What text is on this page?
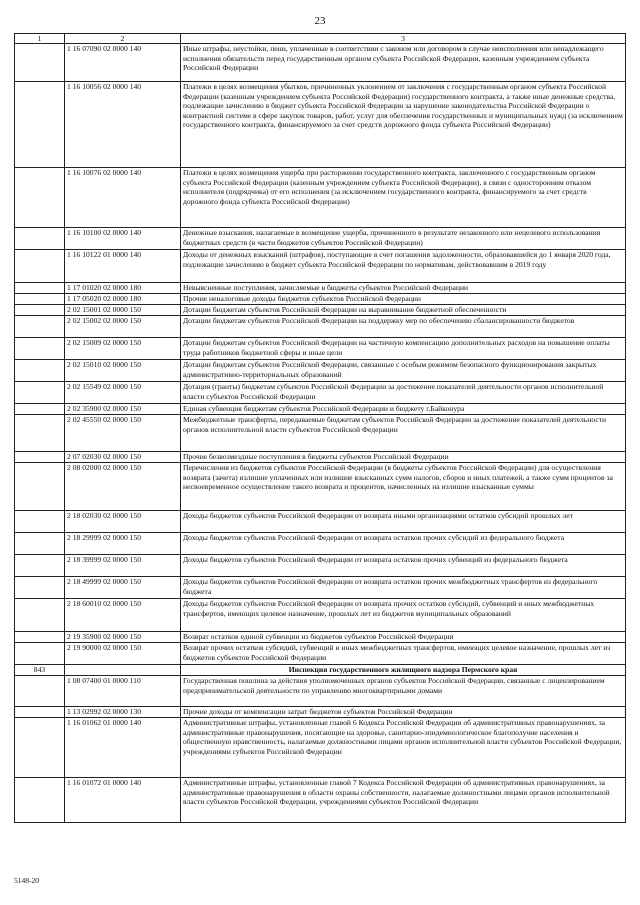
23
1	2	3
	1 16 07090 02 0000 140	Иные штрафы, неустойки, пени, уплаченные в соответствии с законом или договором в случае неисполнения или ненадлежащего исполнения обязательств перед государственным органом субъекта Российской Федерации, казенным учреждением субъекта Российской Федерации
	1 16 10056 02 0000 140	Платежи в целях возмещения убытков, причиненных уклонением от заключения с государственным органом субъекта Российской Федерации (казенным учреждением субъекта Российской Федерации) государственного контракта, а также иные денежные средства, подлежащие зачислению в бюджет субъекта Российской Федерации за нарушение законодательства Российской Федерации о контрактной системе в сфере закупок товаров, работ, услуг для обеспечения государственных и муниципальных нужд (за исключением государственного контракта, финансируемого за счет средств дорожного фонда субъекта Российской Федерации)
	1 16 10076 02 0000 140	Платежи в целях возмещения ущерба при расторжении государственного контракта, заключенного с государственным органом субъекта Российской Федерации (казенным учреждением субъекта Российской Федерации), в связи с односторонним отказом исполнителя (подрядчика) от его исполнения (за исключением государственного контракта, финансируемого за счет средств дорожного фонда субъекта Российской Федерации)
	1 16 10100 02 0000 140	Денежные взыскания, налагаемые в возмещение ущерба, причиненного в результате незаконного или нецелевого использования бюджетных средств (в части бюджетов субъектов Российской Федерации)
	1 16 10122 01 0000 140	Доходы от денежных взысканий (штрафов), поступающие в счет погашения задолженности, образовавшейся до 1 января 2020 года, подлежащие зачислению в бюджет субъекта Российской Федерации по нормативам, действовавшим в 2019 году
	1 17 01020 02 0000 180	Невыясненные поступления, зачисляемые в бюджеты субъектов Российской Федерации
	1 17 05020 02 0000 180	Прочие неналоговые доходы бюджетов субъектов Российской Федерации
	2 02 15001 02 0000 150	Дотации бюджетам субъектов Российской Федерации на выравнивание бюджетной обеспеченности
	2 02 15002 02 0000 150	Дотации бюджетам субъектов Российской Федерации на поддержку мер по обеспечению сбалансированности бюджетов
	2 02 15009 02 0000 150	Дотации бюджетам субъектов Российской Федерации на частичную компенсацию дополнительных расходов на повышение оплаты труда работников бюджетной сферы и иные цели
	2 02 15010 02 0000 150	Дотации бюджетам субъектов Российской Федерации, связанные с особым режимом безопасного функционирования закрытых административно-территориальных образований
	2 02 15549 02 0000 150	Дотация (гранты) бюджетам субъектов Российской Федерации за достижение показателей деятельности органов исполнительной власти субъектов Российской Федерации
	2 02 35900 02 0000 150	Единая субвенция бюджетам субъектов Российской Федерации и бюджету г.Байконура
	2 02 45550 02 0000 150	Межбюджетные трансферты, передаваемые бюджетам субъектов Российской Федерации за достижение показателей деятельности органов исполнительной власти субъектов Российской Федерации
	2 07 02030 02 0000 150	Прочие безвозмездные поступления в бюджеты субъектов Российской Федерации
	2 08 02000 02 0000 150	Перечисления из бюджетов субъектов Российской Федерации (в бюджеты субъектов Российской Федерации) для осуществления возврата (зачета) излишне уплаченных или излишне взысканных сумм налогов, сборов и иных платежей, а также сумм процентов за несвоевременное осуществление такого возврата и процентов, начисленных на излишне взысканные суммы
	2 18 02030 02 0000 150	Доходы бюджетов субъектов Российской Федерации от возврата иными организациями остатков субсидий прошлых лет
	2 18 29999 02 0000 150	Доходы бюджетов субъектов Российской Федерации от возврата остатков прочих субсидий из федерального бюджета
	2 18 39999 02 0000 150	Доходы бюджетов субъектов Российской Федерации от возврата остатков прочих субвенций из федерального бюджета
	2 18 49999 02 0000 150	Доходы бюджетов субъектов Российской Федерации от возврата остатков прочих межбюджетных трансфертов из федерального бюджета
	2 18 60010 02 0000 150	Доходы бюджетов субъектов Российской Федерации от возврата прочих остатков субсидий, субвенций и иных межбюджетных трансфертов, имеющих целевое назначение, прошлых лет из бюджетов муниципальных образований
	2 19 35900 02 0000 150	Возврат остатков единой субвенции из бюджетов субъектов Российской Федерации
	2 19 90000 02 0000 150	Возврат прочих остатков субсидий, субвенций и иных межбюджетных трансфертов, имеющих целевое назначение, прошлых лет из бюджетов субъектов Российской Федерации
843		Инспекция государственного жилищного надзора Пермского края
	1 08 07400 01 0000 110	Государственная пошлина за действия уполномоченных органов субъектов Российской Федерации, связанные с лицензированием предпринимательской деятельности по управлению многоквартирными домами
	1 13 02992 02 0000 130	Прочие доходы от компенсации затрат бюджетов субъектов Российской Федерации
	1 16 01062 01 0000 140	Административные штрафы, установленные главой 6 Кодекса Российской Федерации об административных правонарушениях, за административные правонарушения, посягающие на здоровье, санитарно-эпидемиологическое благополучие населения и общественную нравственность, налагаемые должностными лицами органов исполнительной власти субъектов Российской Федерации, учреждениями субъектов Российской Федерации
	1 16 01072 01 0000 140	Административные штрафы, установленные главой 7 Кодекса Российской Федерации об административных правонарушениях, за административные правонарушения в области охраны собственности, налагаемые должностными лицами органов исполнительной власти субъектов Российской Федерации, учреждениями субъектов Российской Федерации
5148-20
